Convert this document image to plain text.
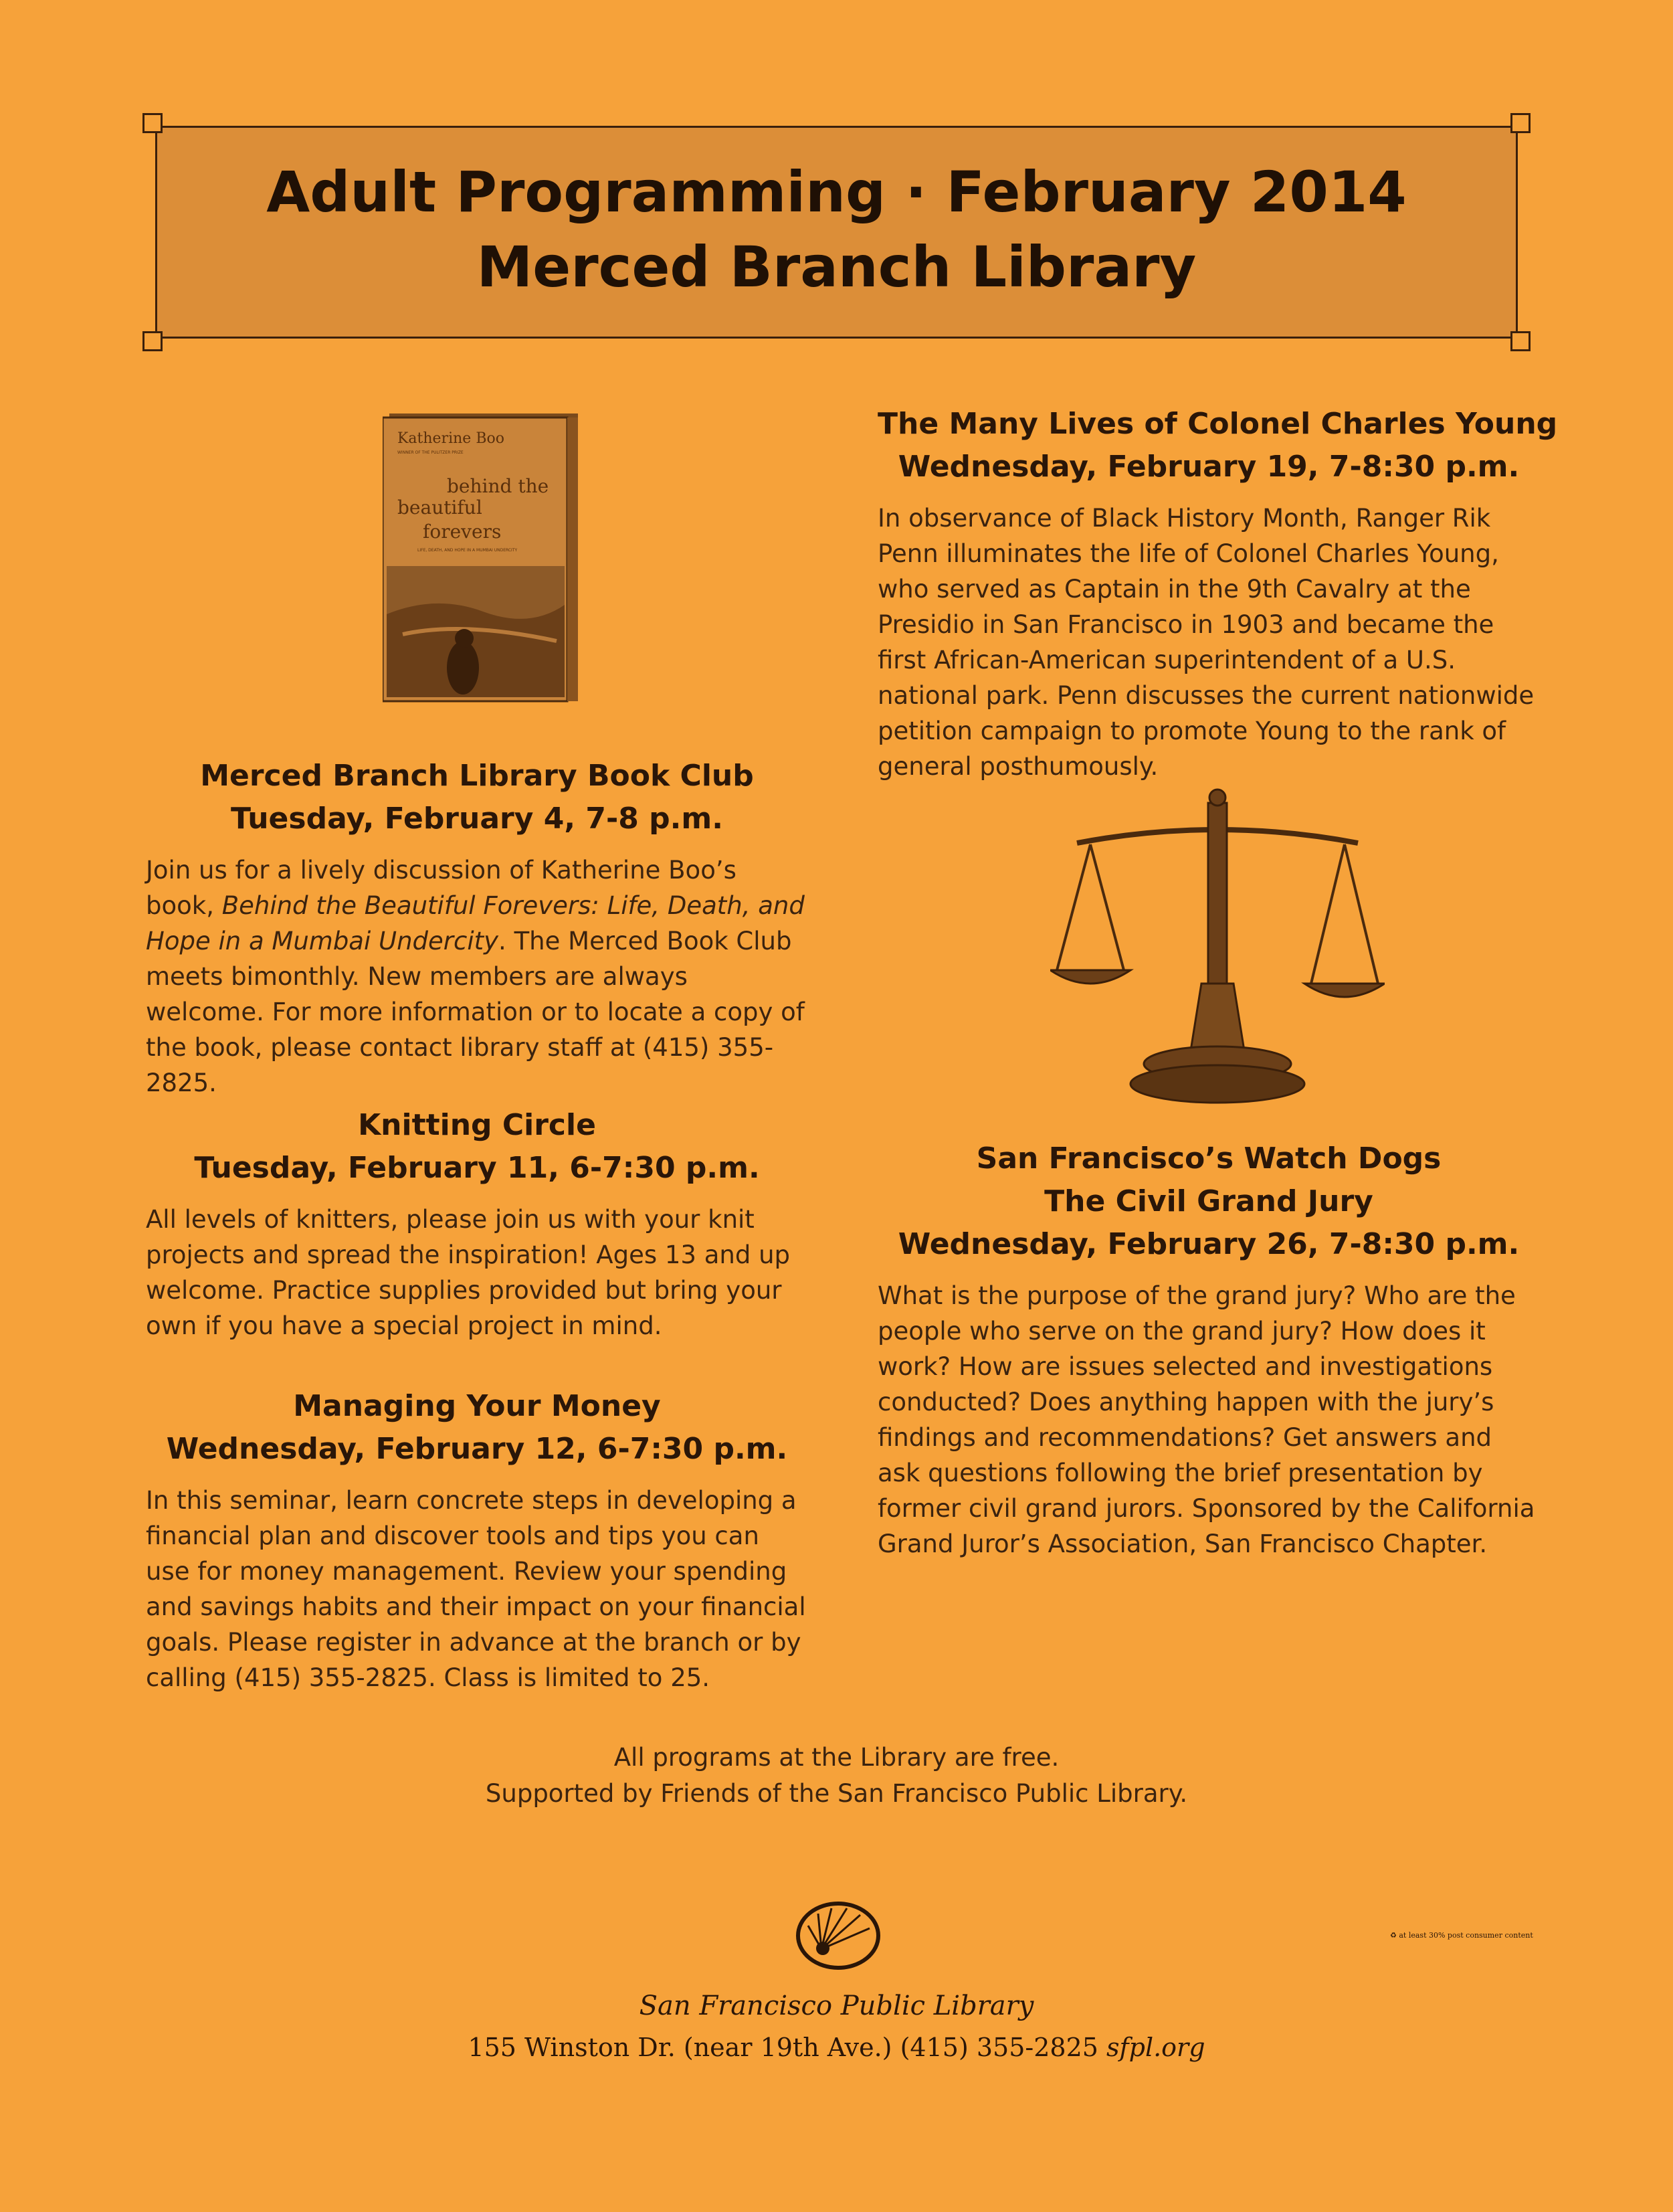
Adult Programming · February 2014
Merced Branch Library
Katherine Boo
WINNER OF THE PULITZER PRIZE
behind the
beautiful
forevers
LIFE, DEATH, AND HOPE IN A MUMBAI UNDERCITY
Merced Branch Library Book Club
Tuesday, February 4, 7-8 p.m.
Join us for a lively discussion of Katherine Boo’s book, Behind the Beautiful Forevers: Life, Death, and Hope in a Mumbai Undercity. The Merced Book Club meets bimonthly. New members are always welcome. For more information or to locate a copy of the book, please contact library staff at (415) 355-2825.
Knitting Circle
Tuesday, February 11, 6-7:30 p.m.
All levels of knitters, please join us with your knit projects and spread the inspiration! Ages 13 and up welcome. Practice supplies provided but bring your own if you have a special project in mind.
Managing Your Money
Wednesday, February 12, 6-7:30 p.m.
In this seminar, learn concrete steps in developing a financial plan and discover tools and tips you can use for money management. Review your spending and savings habits and their impact on your financial goals. Please register in advance at the branch or by calling (415) 355-2825. Class is limited to 25.
The Many Lives of Colonel Charles Young
Wednesday, February 19, 7-8:30 p.m.
In observance of Black History Month, Ranger Rik Penn illuminates the life of Colonel Charles Young, who served as Captain in the 9th Cavalry at the Presidio in San Francisco in 1903 and became the first African-American superintendent of a U.S. national park. Penn discusses the current nationwide petition campaign to promote Young to the rank of general posthumously.
San Francisco’s Watch Dogs
The Civil Grand Jury
Wednesday, February 26, 7-8:30 p.m.
What is the purpose of the grand jury? Who are the people who serve on the grand jury? How does it work? How are issues selected and investigations conducted? Does anything happen with the jury’s findings and recommendations? Get answers and ask questions following the brief presentation by former civil grand jurors. Sponsored by the California Grand Juror’s Association, San Francisco Chapter.
All programs at the Library are free.
Supported by Friends of the San Francisco Public Library.
♻ at least 30% post consumer content
San Francisco Public Library
155 Winston Dr. (near 19th Ave.) (415) 355-2825 sfpl.org
